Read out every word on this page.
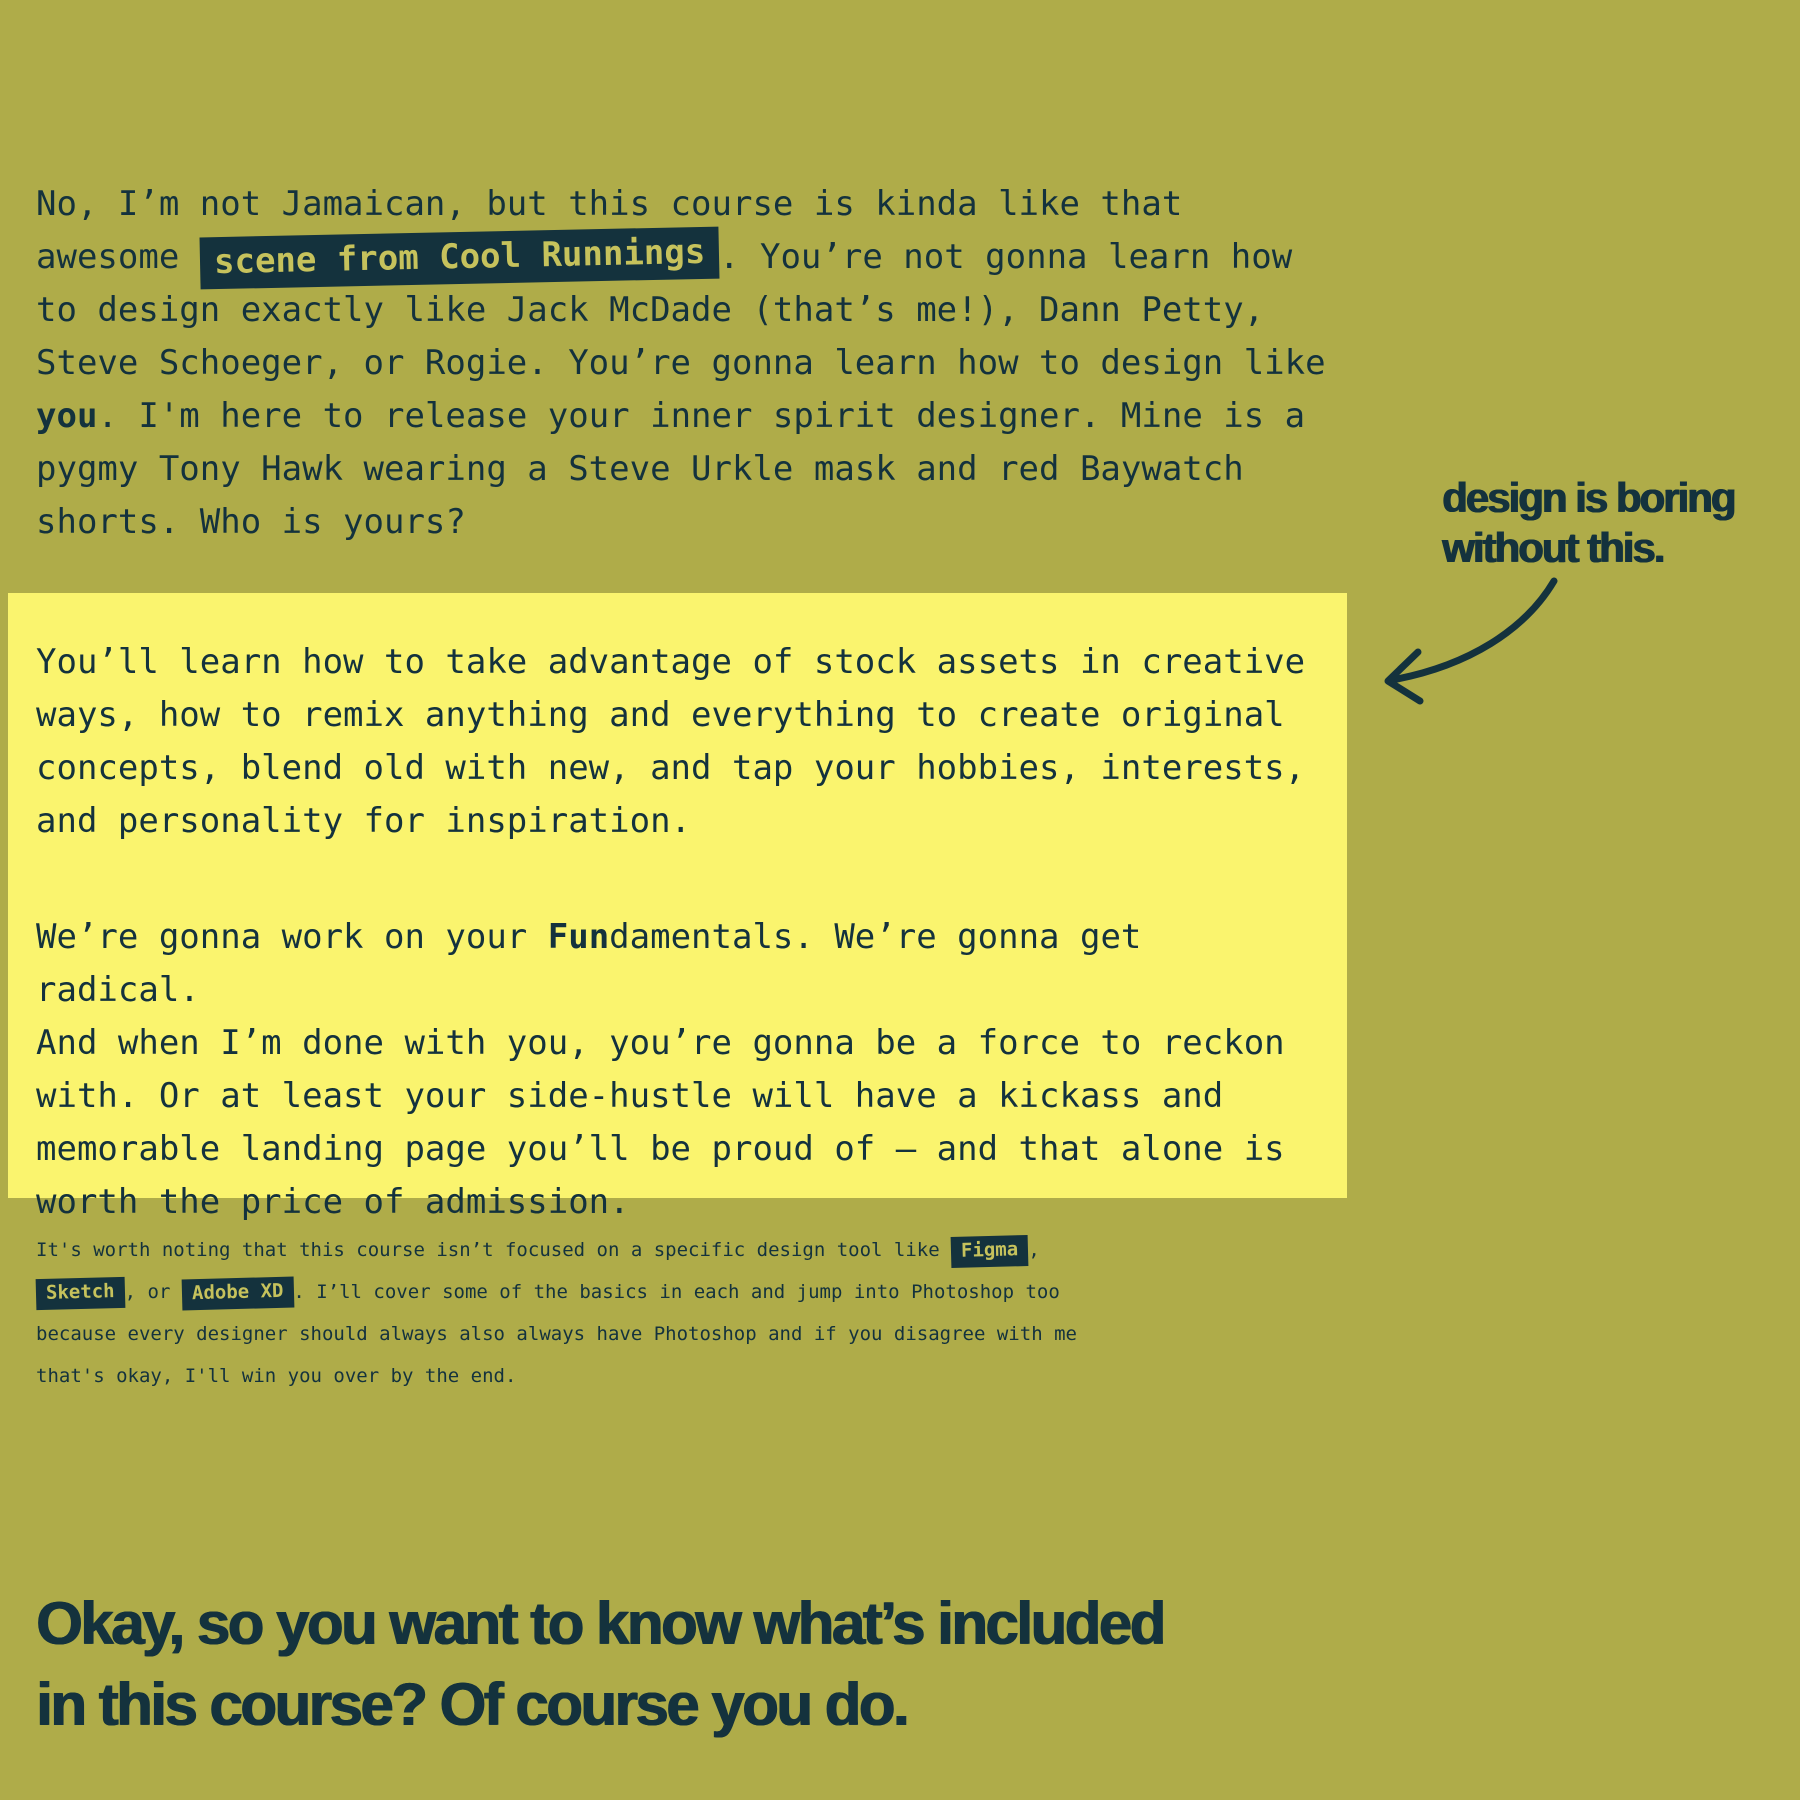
No, I’m not Jamaican, but this course is kinda like that
awesome scene from Cool Runnings . You’re not gonna learn how
to design exactly like Jack McDade (that’s me!), Dann Petty,
Steve Schoeger, or Rogie. You’re gonna learn how to design like
you. I'm here to release your inner spirit designer. Mine is a
pygmy Tony Hawk wearing a Steve Urkle mask and red Baywatch
shorts. Who is yours?
design is boring
without this.

You’ll learn how to take advantage of stock assets in creative
ways, how to remix anything and everything to create original
concepts, blend old with new, and tap your hobbies, interests,
and personality for inspiration.

We’re gonna work on your Fundamentals. We’re gonna get radical.
And when I’m done with you, you’re gonna be a force to reckon
with. Or at least your side-hustle will have a kickass and
memorable landing page you’ll be proud of — and that alone is
worth the price of admission.

It's worth noting that this course isn’t focused on a specific design tool like Figma ,
Sketch , or Adobe XD . I’ll cover some of the basics in each and jump into Photoshop too
because every designer should always also always have Photoshop and if you disagree with me
that's okay, I'll win you over by the end.
Okay, so you want to know what’s included
in this course? Of course you do.
